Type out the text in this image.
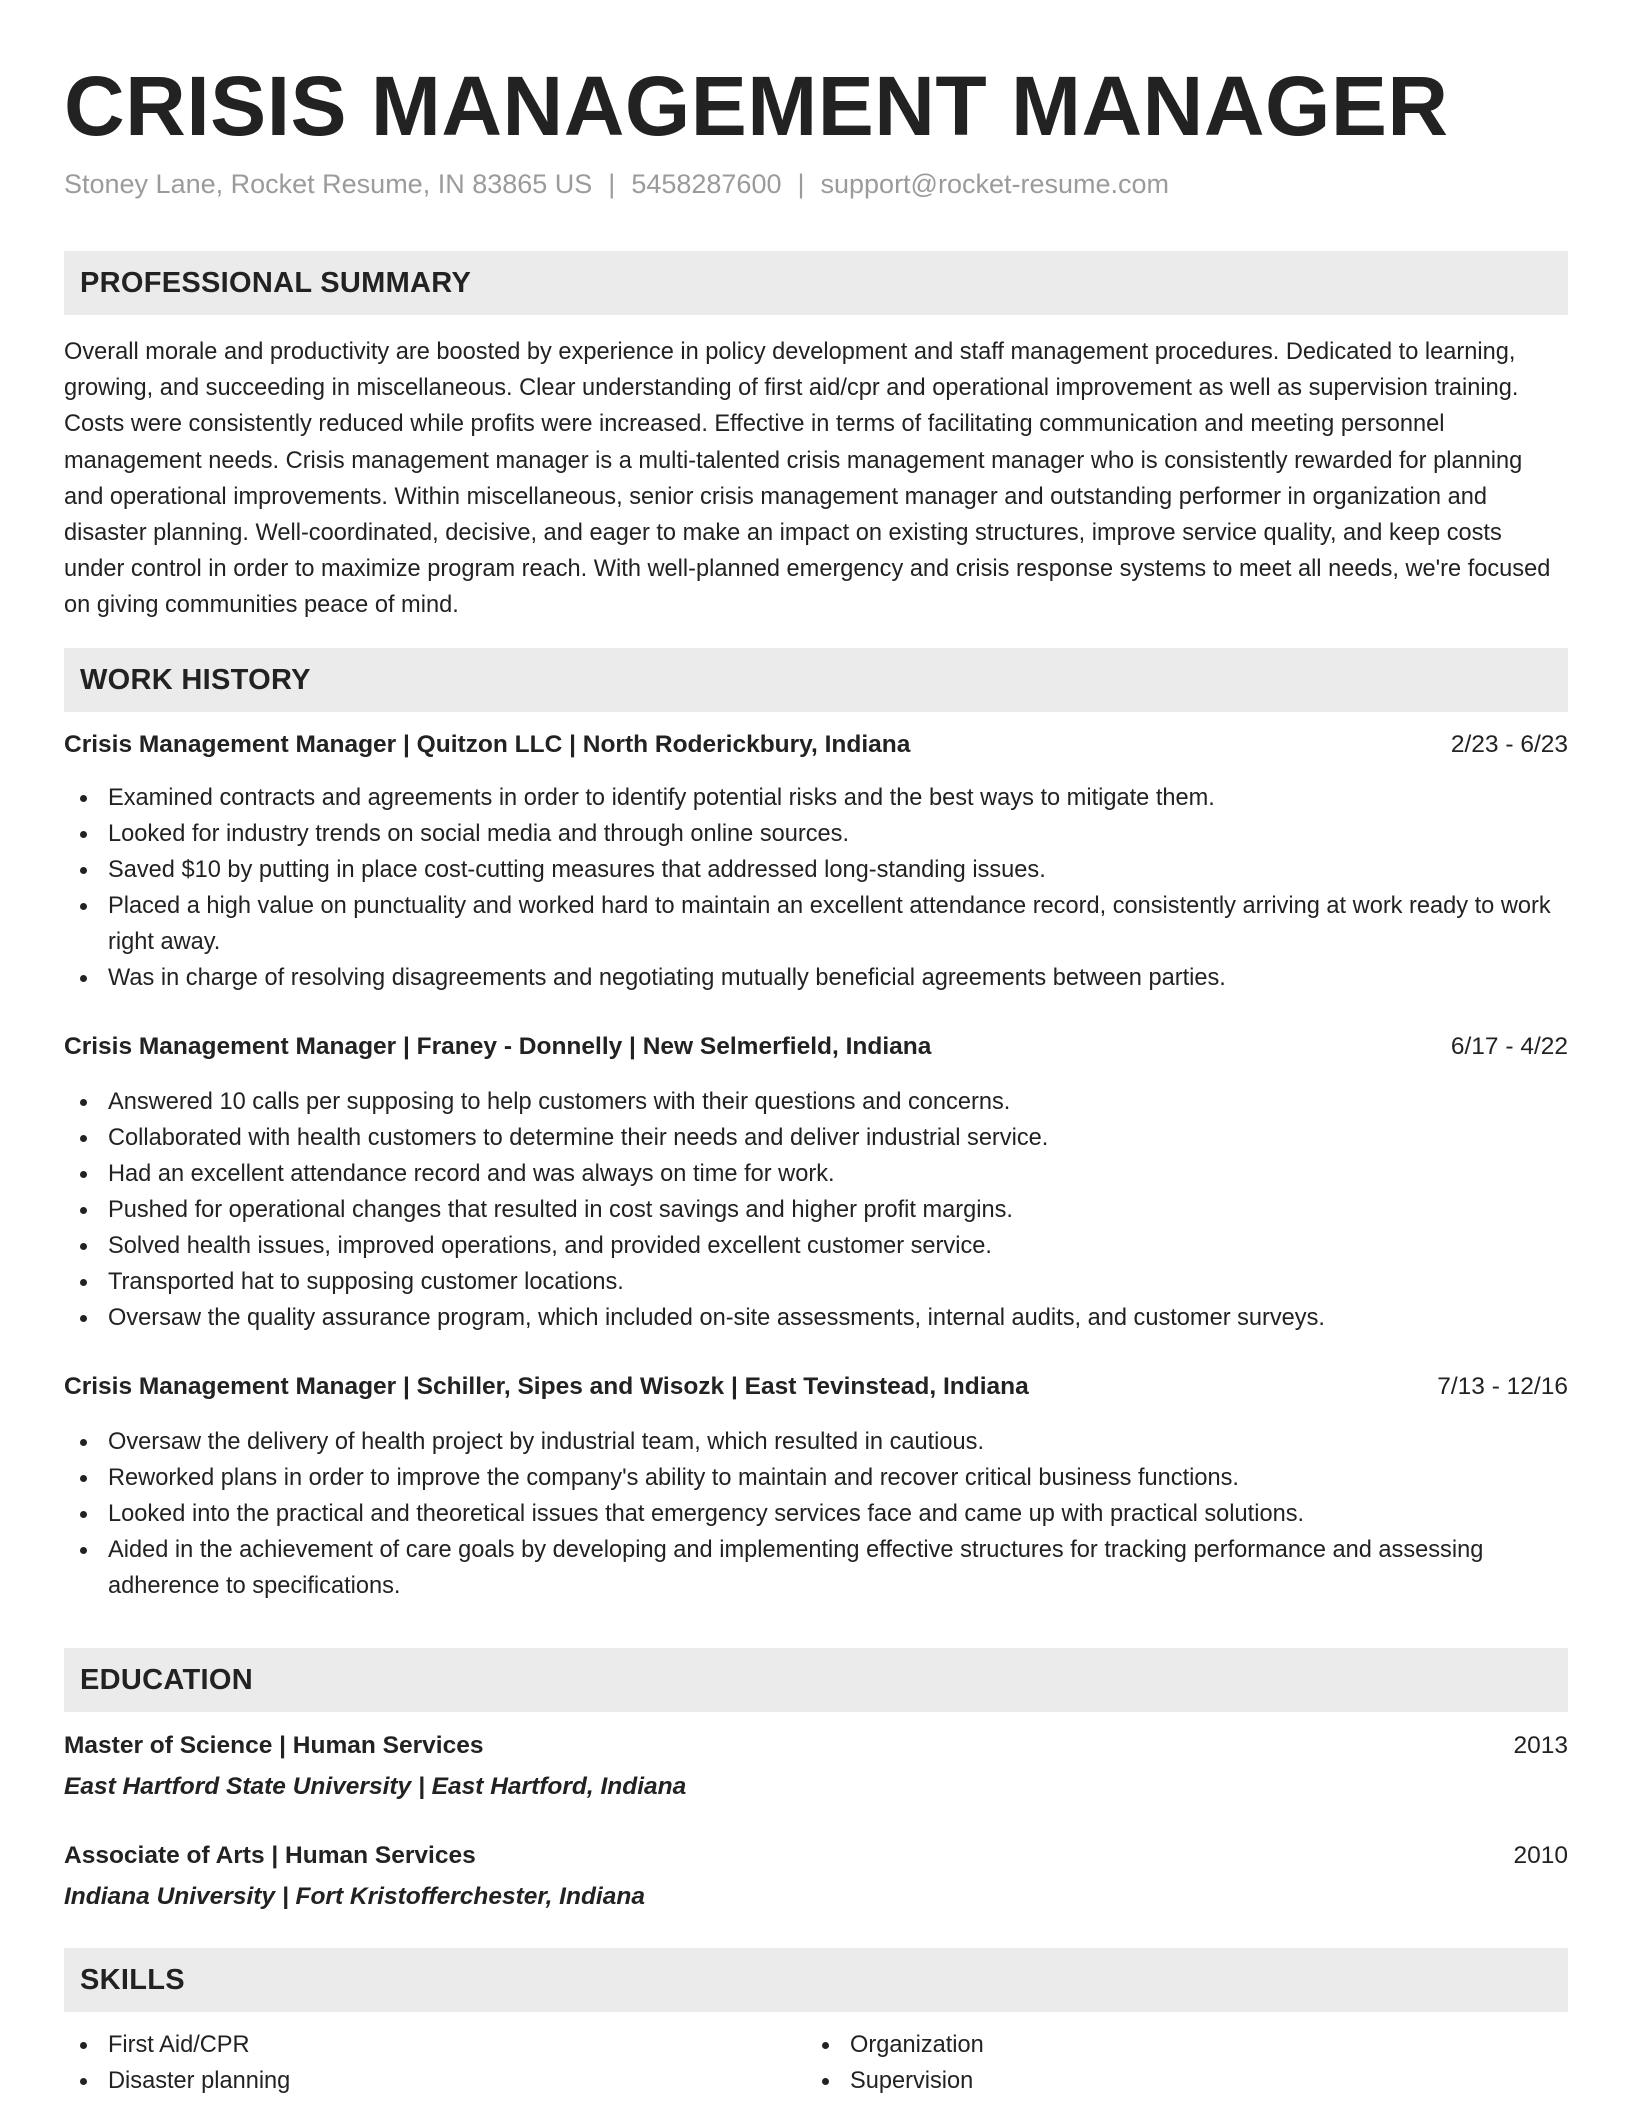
CRISIS MANAGEMENT MANAGER
Stoney Lane, Rocket Resume, IN 83865 US | 5458287600 | support@rocket-resume.com
PROFESSIONAL SUMMARY

Overall morale and productivity are boosted by experience in policy development and staff management procedures. Dedicated to learning, growing, and succeeding in miscellaneous. Clear understanding of first aid/cpr and operational improvement as well as supervision training. Costs were consistently reduced while profits were increased. Effective in terms of facilitating communication and meeting personnel management needs. Crisis management manager is a multi-talented crisis management manager who is consistently rewarded for planning and operational improvements. Within miscellaneous, senior crisis management manager and outstanding performer in organization and disaster planning. Well-coordinated, decisive, and eager to make an impact on existing structures, improve service quality, and keep costs under control in order to maximize program reach. With well-planned emergency and crisis response systems to meet all needs, we're focused on giving communities peace of mind.

WORK HISTORY
Crisis Management Manager | Quitzon LLC | North Roderickbury, Indiana	2/23 - 6/23
Examined contracts and agreements in order to identify potential risks and the best ways to mitigate them.
Looked for industry trends on social media and through online sources.
Saved $10 by putting in place cost-cutting measures that addressed long-standing issues.
Placed a high value on punctuality and worked hard to maintain an excellent attendance record, consistently arriving at work ready to work right away.
Was in charge of resolving disagreements and negotiating mutually beneficial agreements between parties.
Crisis Management Manager | Franey - Donnelly | New Selmerfield, Indiana	6/17 - 4/22
Answered 10 calls per supposing to help customers with their questions and concerns.
Collaborated with health customers to determine their needs and deliver industrial service.
Had an excellent attendance record and was always on time for work.
Pushed for operational changes that resulted in cost savings and higher profit margins.
Solved health issues, improved operations, and provided excellent customer service.
Transported hat to supposing customer locations.
Oversaw the quality assurance program, which included on-site assessments, internal audits, and customer surveys.
Crisis Management Manager | Schiller, Sipes and Wisozk | East Tevinstead, Indiana	7/13 - 12/16
Oversaw the delivery of health project by industrial team, which resulted in cautious.
Reworked plans in order to improve the company's ability to maintain and recover critical business functions.
Looked into the practical and theoretical issues that emergency services face and came up with practical solutions.
Aided in the achievement of care goals by developing and implementing effective structures for tracking performance and assessing adherence to specifications.
EDUCATION
Master of Science | Human Services	2013
East Hartford State University | East Hartford, Indiana
Associate of Arts | Human Services	2010
Indiana University | Fort Kristofferchester, Indiana
SKILLS
First Aid/CPR
Disaster planning
Organization
Supervision
